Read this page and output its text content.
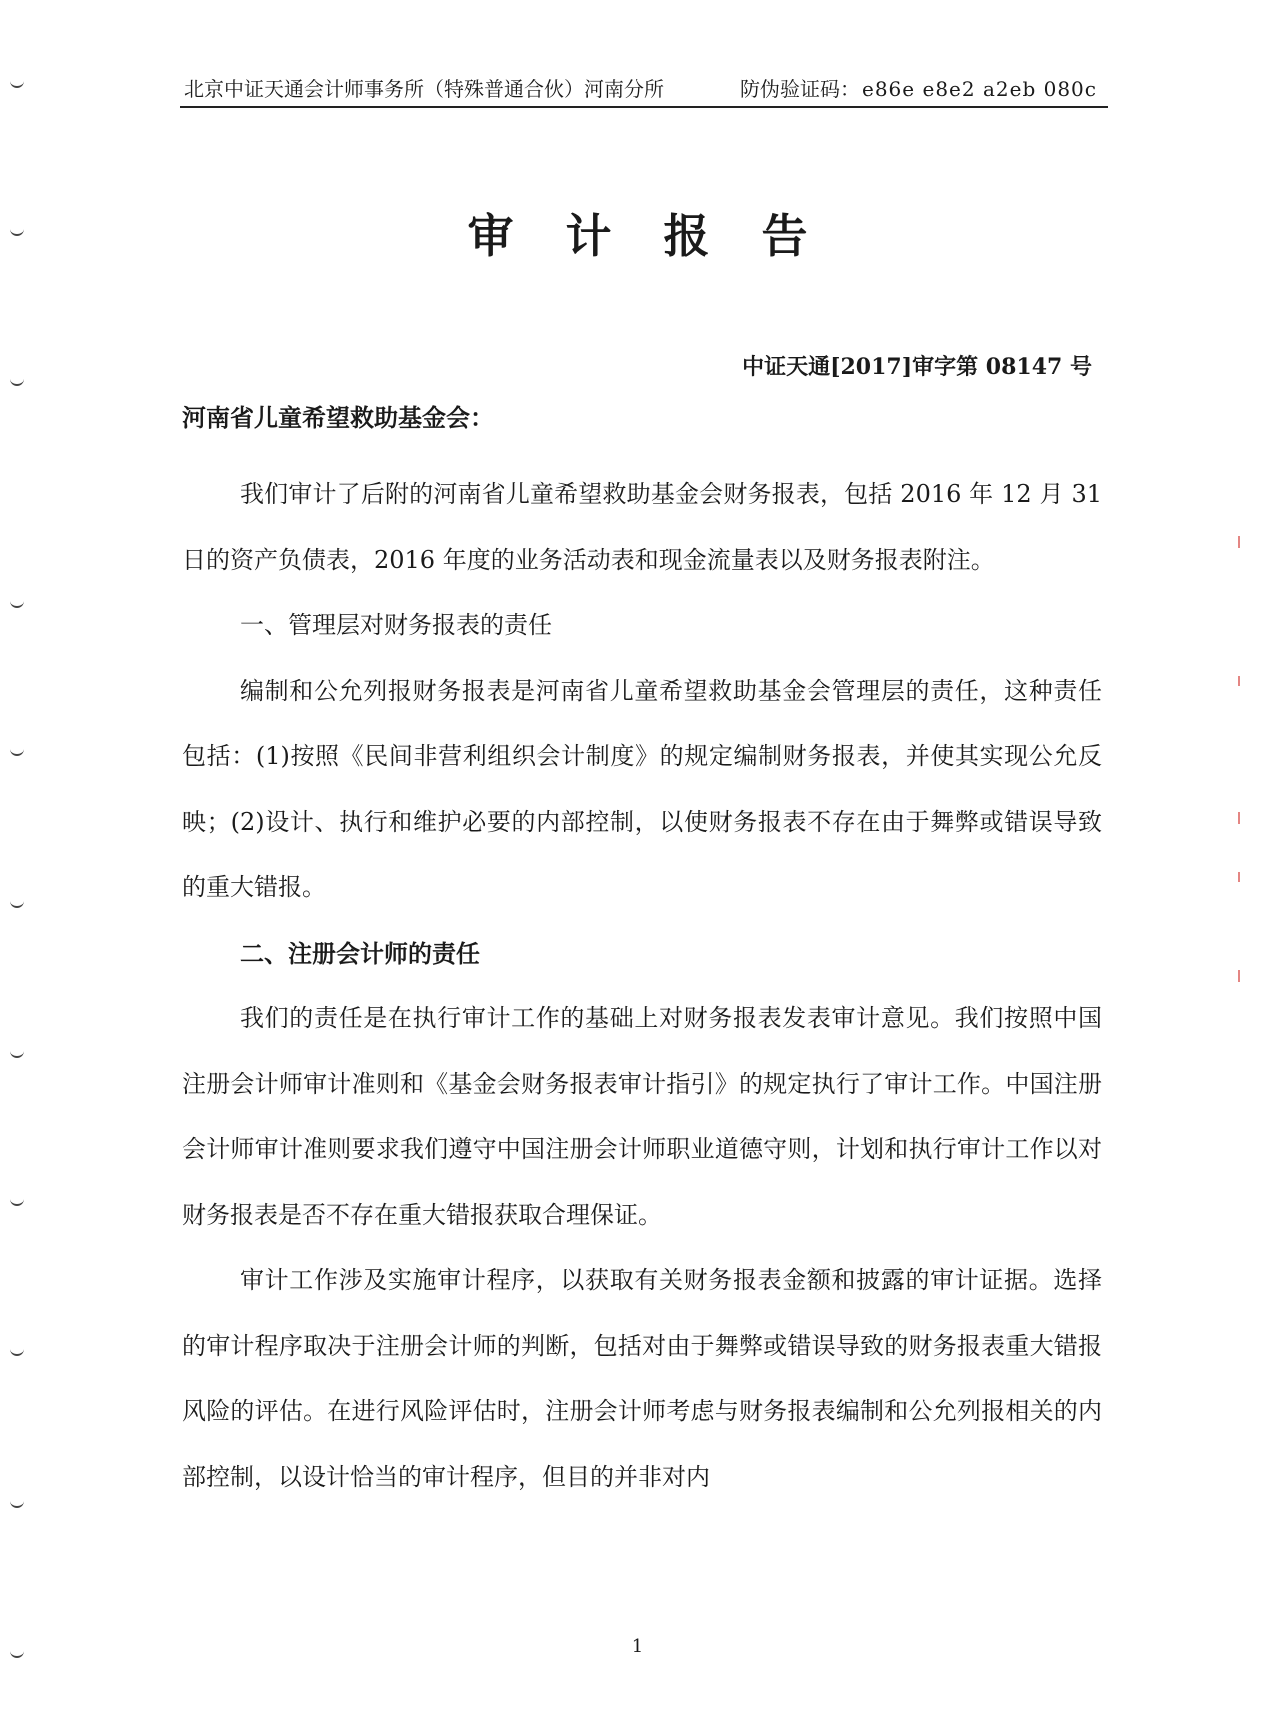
北京中证天通会计师事务所（特殊普通合伙）河南分所	防伪验证码： e86e e8e2 a2eb 080c
审计报告
中证天通[2017]审字第 08147 号
河南省儿童希望救助基金会：

我们审计了后附的河南省儿童希望救助基金会财务报表，包括 2016 年 12 月 31 日的资产负债表，2016 年度的业务活动表和现金流量表以及财务报表附注。

一、管理层对财务报表的责任

编制和公允列报财务报表是河南省儿童希望救助基金会管理层的责任，这种责任包括：(1)按照《民间非营利组织会计制度》的规定编制财务报表，并使其实现公允反映；(2)设计、执行和维护必要的内部控制，以使财务报表不存在由于舞弊或错误导致的重大错报。

二、注册会计师的责任

我们的责任是在执行审计工作的基础上对财务报表发表审计意见。我们按照中国注册会计师审计准则和《基金会财务报表审计指引》的规定执行了审计工作。中国注册会计师审计准则要求我们遵守中国注册会计师职业道德守则，计划和执行审计工作以对财务报表是否不存在重大错报获取合理保证。

审计工作涉及实施审计程序，以获取有关财务报表金额和披露的审计证据。选择的审计程序取决于注册会计师的判断，包括对由于舞弊或错误导致的财务报表重大错报风险的评估。在进行风险评估时，注册会计师考虑与财务报表编制和公允列报相关的内部控制，以设计恰当的审计程序，但目的并非对内

1
